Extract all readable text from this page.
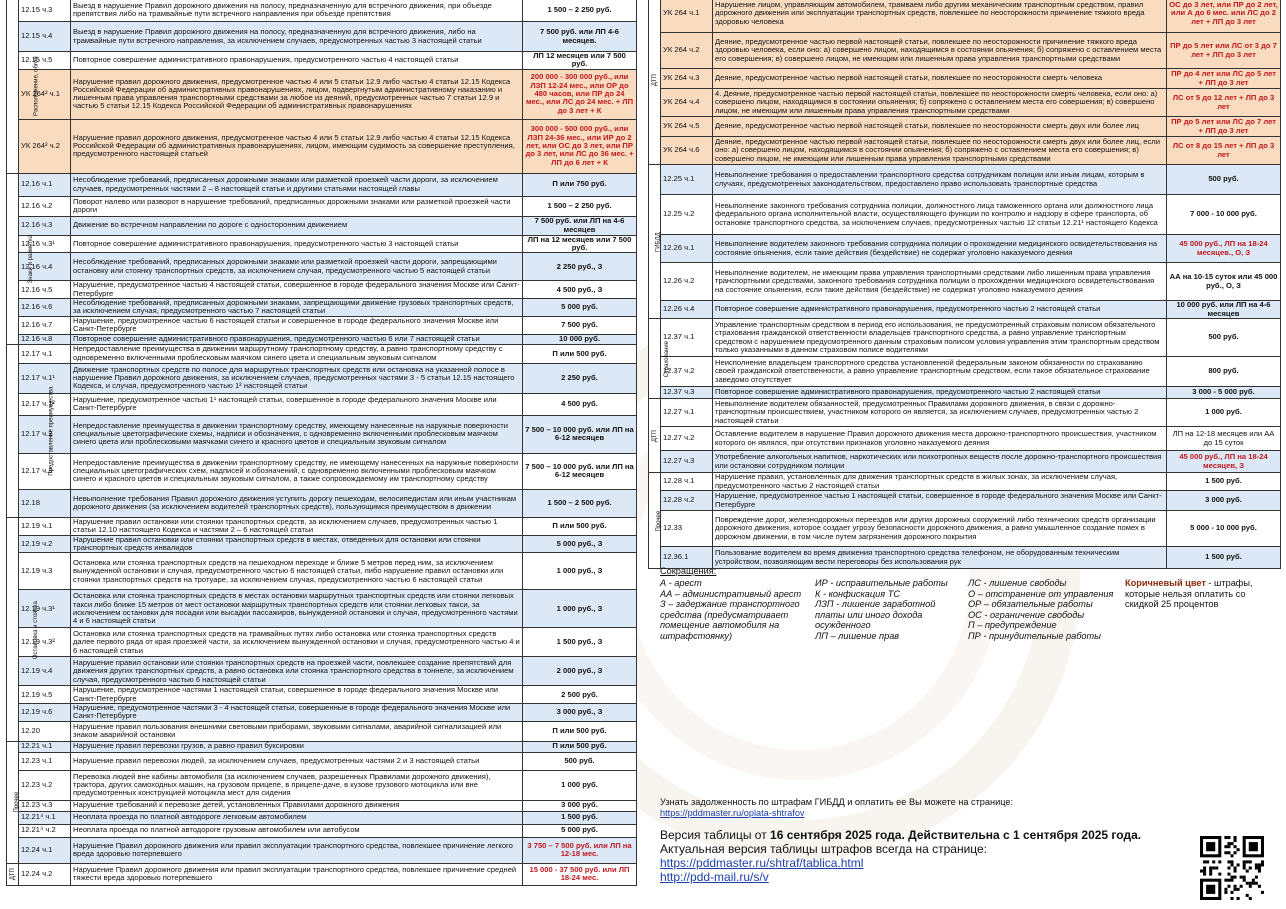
Расположение, обгон	12.15 ч.3	Выезд в нарушение Правил дорожного движения на полосу, предназначенную для встречного движения, при объезде препятствия либо на трамвайные пути встречного направления при объезде препятствия	1 500 – 2 250 руб.
	12.15 ч.4	Выезд в нарушение Правил дорожного движения на полосу, предназначенную для встречного движения, либо на трамвайные пути встречного направления, за исключением случаев, предусмотренных частью 3 настоящей статьи	7 500 руб. или ЛП 4-6 месяцев.
	12.15 ч.5	Повторное совершение административного правонарушения, предусмотренного частью 4 настоящей статьи	ЛП 12 месяцев или 7 500 руб.
	УК 264² ч.1	Нарушение правил дорожного движения, предусмотренное частью 4 или 5 статьи 12.9 либо частью 4 статьи 12.15 Кодекса Российской Федерации об административных правонарушениях, лицом, подвергнутым административному наказанию и лишенным права управления транспортными средствами за любое из деяний, предусмотренных частью 7 статьи 12.9 и частью 5 статьи 12.15 Кодекса Российской Федерации об административных правонарушениях	200 000 - 300 000 руб., или ЛЗП 12-24 мес., или ОР до 480 часов, или ПР до 24 мес., или ЛС до 24 мес. + ЛП до 3 лет + К
	УК 264² ч.2	Нарушение правил дорожного движения, предусмотренное частью 4 или 5 статьи 12.9 либо частью 4 статьи 12.15 Кодекса Российской Федерации об административных правонарушениях, лицом, имеющим судимость за совершение преступления, предусмотренного настоящей статьей	300 000 - 500 000 руб., или ЛЗП 24-36 мес., или ИР до 2 лет, или ОС до 3 лет, или ПР до 3 лет, или ЛС до 36 мес. + ЛП до 6 лет + К
Знаки и разметка	12.16 ч.1	Несоблюдение требований, предписанных дорожными знаками или разметкой проезжей части дороги, за исключением случаев, предусмотренных частями 2 – 8 настоящей статьи и другими статьями настоящей главы	П или 750 руб.
	12.16 ч.2	Поворот налево или разворот в нарушение требований, предписанных дорожными знаками или разметкой проезжей части дороги	1 500 – 2 250 руб.
	12.16 ч.3	Движение во встречном направлении по дороге с односторонним движением	7 500 руб. или ЛП на 4-6 месяцев
	12.16 ч.3¹	Повторное совершение административного правонарушения, предусмотренного частью 3 настоящей статьи	ЛП на 12 месяцев или 7 500 руб.
	12.16 ч.4	Несоблюдение требований, предписанных дорожными знаками или разметкой проезжей части дороги, запрещающими остановку или стоянку транспортных средств, за исключением случая, предусмотренного частью 5 настоящей статьи	2 250 руб., З
	12.16 ч.5	Нарушение, предусмотренное частью 4 настоящей статьи, совершенное в городе федерального значения Москве или Санкт-Петербурге	4 500 руб., З
	12.16 ч.6	Несоблюдение требований, предписанных дорожными знаками, запрещающими движение грузовых транспортных средств, за исключением случая, предусмотренного частью 7 настоящей статьи	5 000 руб.
	12.16 ч.7	Нарушение, предусмотренное частью 6 настоящей статьи и совершенное в городе федерального значения Москве или Санкт-Петербурге	7 500 руб.
	12.16 ч.8	Повторное совершение административного правонарушения, предусмотренного частью 6 или 7 настоящей статьи	10 000 руб.
Предоставление преимущества	12.17 ч.1	Непредоставление преимущества в движении маршрутному транспортному средству, а равно транспортному средству с одновременно включенными проблесковым маячком синего цвета и специальным звуковым сигналом	П или 500 руб.
	12.17 ч.1¹	Движение транспортных средств по полосе для маршрутных транспортных средств или остановка на указанной полосе в нарушение Правил дорожного движения, за исключением случаев, предусмотренных частями 3 - 5 статьи 12.15 настоящего Кодекса, и случая, предусмотренного частью 1² настоящей статьи	2 250 руб.
	12.17 ч.1²	Нарушение, предусмотренное частью 1¹ настоящей статьи, совершенное в городе федерального значения Москве или Санкт-Петербурге	4 500 руб.
	12.17 ч.2	Непредоставление преимущества в движении транспортному средству, имеющему нанесенные на наружные поверхности специальные цветографические схемы, надписи и обозначения, с одновременно включенными проблесковым маячком синего цвета или проблесковыми маячками синего и красного цветов и специальным звуковым сигналом	7 500 – 10 000 руб. или ЛП на 6-12 месяцев
	12.17 ч.3	Непредоставление преимущества в движении транспортному средству, не имеющему нанесенных на наружные поверхности специальных цветографических схем, надписей и обозначений, с одновременно включенными проблесковым маячком синего и красного цветов и специальным звуковым сигналом, а также сопровождаемому им транспортному средству	7 500 – 10 000 руб. или ЛП на 6-12 месяцев
	12.18	Невыполнение требования Правил дорожного движения уступить дорогу пешеходам, велосипедистам или иным участникам дорожного движения (за исключением водителей транспортных средств), пользующимся преимуществом в движении	1 500 – 2 500 руб.
Остановка и стоянка	12.19 ч.1	Нарушение правил остановки или стоянки транспортных средств, за исключением случаев, предусмотренных частью 1 статьи 12.10 настоящего Кодекса и частями 2 – 6 настоящей статьи	П или 500 руб.
	12.19 ч.2	Нарушение правил остановки или стоянки транспортных средств в местах, отведенных для остановки или стоянки транспортных средств инвалидов	5 000 руб., З
	12.19 ч.3	Остановка или стоянка транспортных средств на пешеходном переходе и ближе 5 метров перед ним, за исключением вынужденной остановки и случая, предусмотренного частью 6 настоящей статьи, либо нарушение правил остановки или стоянки транспортных средств на тротуаре, за исключением случая, предусмотренного частью 6 настоящей статьи	1 000 руб., З
	12.19 ч.3¹	Остановка или стоянка транспортных средств в местах остановки маршрутных транспортных средств или стоянки легковых такси либо ближе 15 метров от мест остановки маршрутных транспортных средств или стоянки легковых такси, за исключением остановки для посадки или высадки пассажиров, вынужденной остановки и случая, предусмотренного частями 4 и 6 настоящей статьи	1 000 руб., З
	12.19 ч.3²	Остановка или стоянка транспортных средств на трамвайных путях либо остановка или стоянка транспортных средств далее первого ряда от края проезжей части, за исключением вынужденной остановки и случая, предусмотренного частью 4 и 6 настоящей статьи	1 500 руб., З
	12.19 ч.4	Нарушение правил остановки или стоянки транспортных средств на проезжей части, повлекшее создание препятствий для движения других транспортных средств, а равно остановка или стоянка транспортного средства в тоннеле, за исключением случая, предусмотренного частью 6 настоящей статьи	2 000 руб., З
	12.19 ч.5	Нарушение, предусмотренное частями 1 настоящей статьи, совершенное в городе федерального значения Москве или Санкт-Петербурге	2 500 руб.
	12.19 ч.6	Нарушение, предусмотренное частями 3 - 4 настоящей статьи, совершенные в городе федерального значения Москве или Санкт-Петербурге	3 000 руб., З
	12.20	Нарушение правил пользования внешними световыми приборами, звуковыми сигналами, аварийной сигнализацией или знаком аварийной остановки	П или 500 руб.
Прочее	12.21 ч.1	Нарушение правил перевозки грузов, а равно правил буксировки	П или 500 руб.
	12.23 ч.1	Нарушение правил перевозки людей, за исключением случаев, предусмотренных частями 2 и 3 настоящей статьи	500 руб.
	12.23 ч.2	Перевозка людей вне кабины автомобиля (за исключением случаев, разрешенных Правилами дорожного движения), трактора, других самоходных машин, на грузовом прицепе, в прицепе-даче, в кузове грузового мотоцикла или вне предусмотренных конструкцией мотоцикла мест для сидения	1 000 руб.
	12.23 ч.3	Нарушение требований к перевозке детей, установленных Правилами дорожного движения	3 000 руб.
	12.21⁴ ч.1	Неоплата проезда по платной автодороге легковым автомобилем	1 500 руб.
	12.21⁴ ч.2	Неоплата проезда по платной автодороге грузовым автомобилем или автобусом	5 000 руб.
	12.24 ч.1	Нарушение Правил дорожного движения или правил эксплуатации транспортного средства, повлекшее причинение легкого вреда здоровью потерпевшего	3 750 – 7 500 руб. или ЛП на 12-18 мес.
ДТП	12.24 ч.2	Нарушение Правил дорожного движения или правил эксплуатации транспортного средства, повлекшее причинение средней тяжести вреда здоровью потерпевшего	15 000 - 37 500 руб. или ЛП 18-24 мес.
ДТП	УК 264 ч.1	Нарушение лицом, управляющим автомобилем, трамваем либо другим механическим транспортным средством, правил дорожного движения или эксплуатации транспортных средств, повлекшее по неосторожности причинение тяжкого вреда здоровью человека	ОС до 3 лет, или ПР до 2 лет, или А до 6 мес. или ЛС до 2 лет + ЛП до 3 лет
	УК 264 ч.2	Деяние, предусмотренное частью первой настоящей статьи, повлекшее по неосторожности причинение тяжкого вреда здоровью человека, если оно: а) совершено лицом, находящимся в состоянии опьянения; б) сопряжено с оставлением места его совершения; в) совершено лицом, не имеющим или лишенным права управления транспортными средствами	ПР до 5 лет или ЛС от 3 до 7 лет + ЛП до 3 лет
	УК 264 ч.3	Деяние, предусмотренное частью первой настоящей статьи, повлекшее по неосторожности смерть человека	ПР до 4 лет или ЛС до 5 лет + ЛП до 3 лет
	УК 264 ч.4	4. Деяние, предусмотренное частью первой настоящей статьи, повлекшее по неосторожности смерть человека, если оно: а) совершено лицом, находящимся в состоянии опьянения; б) сопряжено с оставлением места его совершения; в) совершено лицом, не имеющим или лишенным права управления транспортными средствами	ЛС от 5 до 12 лет + ЛП до 3 лет
	УК 264 ч.5	Деяние, предусмотренное частью первой настоящей статьи, повлекшее по неосторожности смерть двух или более лиц	ПР до 5 лет или ЛС до 7 лет + ЛП до 3 лет
	УК 264 ч.6	Деяние, предусмотренное частью первой настоящей статьи, повлекшее по неосторожности смерть двух или более лиц, если оно: а) совершено лицом, находящимся в состоянии опьянения; б) сопряжено с оставлением места его совершения; в) совершено лицом, не имеющим или лишенным права управления транспортными средствами	ЛС от 8 до 15 лет + ЛП до 3 лет
ГИБДД	12.25 ч.1	Невыполнение требования о предоставлении транспортного средства сотрудникам полиции или иным лицам, которым в случаях, предусмотренных законодательством, предоставлено право использовать транспортные средства	500 руб.
	12.25 ч.2	Невыполнение законного требования сотрудника полиции, должностного лица таможенного органа или должностного лица федерального органа исполнительной власти, осуществляющего функции по контролю и надзору в сфере транспорта, об остановке транспортного средства, за исключением случаев, предусмотренных частью 12 статьи 12.21¹ настоящего Кодекса	7 000 - 10 000 руб.
	12.26 ч.1	Невыполнение водителем законного требования сотрудника полиции о прохождении медицинского освидетельствования на состояние опьянения, если такие действия (бездействие) не содержат уголовно наказуемого деяния	45 000 руб., ЛП на 18-24 месяцев., О, З
	12.26 ч.2	Невыполнение водителем, не имеющим права управления транспортными средствами либо лишенным права управления транспортными средствами, законного требования сотрудника полиции о прохождении медицинского освидетельствования на состояние опьянения, если такие действия (бездействие) не содержат уголовно наказуемого деяния	АА на 10-15 суток или 45 000 руб., О, З
	12.26 ч.4	Повторное совершение административного правонарушения, предусмотренного частью 2 настоящей статьи	10 000 руб. или ЛП на 4-6 месяцев
Страхование	12.37 ч.1	Управление транспортным средством в период его использования, не предусмотренный страховым полисом обязательного страхования гражданской ответственности владельцев транспортного средства, а равно управление транспортным средством с нарушением предусмотренного данным страховым полисом условия управления этим транспортным средством только указанными в данном страховом полисе водителями	500 руб.
	12.37 ч.2	Неисполнение владельцем транспортного средства установленной федеральным законом обязанности по страхованию своей гражданской ответственности, а равно управление транспортным средством, если такое обязательное страхование заведомо отсутствует	800 руб.
	12.37 ч.3	Повторное совершение административного правонарушения, предусмотренного частью 2 настоящей статьи	3 000 - 5 000 руб.
ДТП	12.27 ч.1	Невыполнение водителем обязанностей, предусмотренных Правилами дорожного движения, в связи с дорожно-транспортным происшествием, участником которого он является, за исключением случаев, предусмотренных частью 2 настоящей статьи	1 000 руб.
	12.27 ч.2	Оставление водителем в нарушение Правил дорожного движения места дорожно-транспортного происшествия, участником которого он являлся, при отсутствии признаков уголовно наказуемого деяния	ЛП на 12-18 месяцев или АА до 15 суток
	12.27 ч.3	Употребление алкогольных напитков, наркотических или психотропных веществ после дорожно-транспортного происшествия или остановки сотрудником полиции	45 000 руб., ЛП на 18-24 месяцев, З
Прочее	12.28 ч.1	Нарушение правил, установленных для движения транспортных средств в жилых зонах, за исключением случая, предусмотренного частью 2 настоящей статьи	1 500 руб.
	12.28 ч.2	Нарушение, предусмотренное частью 1 настоящей статьи, совершенное в городе федерального значения Москве или Санкт-Петербурге	3 000 руб.
	12.33	Повреждение дорог, железнодорожных переездов или других дорожных сооружений либо технических средств организации дорожного движения, которое создает угрозу безопасности дорожного движения, а равно умышленное создание помех в дорожном движении, в том числе путем загрязнения дорожного покрытия	5 000 - 10 000 руб.
	12.36.1	Пользование водителем во время движения транспортного средства телефоном, не оборудованным техническим устройством, позволяющим вести переговоры без использования рук	1 500 руб.
Сокращения:
А - арест
АА – административный арест
З – задержание транспортного средства (предусматривает помещение автомобиля на штрафстоянку)
ИР - исправительные работы
К - конфискация ТС
ЛЗП - лишение заработной платы или иного дохода осужденного
ЛП – лишение прав
ЛС - лишение свободы
О – отстранение от управления
ОР – обязательные работы
ОС - ограничение свободы
П – предупреждение
ПР - принудительные работы
Коричневый цвет - штрафы, которые нельзя оплатить со скидкой 25 процентов
Узнать задолженность по штрафам ГИБДД и оплатить ее Вы можете на странице:
https://pddmaster.ru/oplata-shtrafov
Версия таблицы от 16 сентября 2025 года. Действительна с 1 сентября 2025 года.
Актуальная версия таблицы штрафов всегда на странице:
https://pddmaster.ru/shtraf/tablica.html
http://pdd-mail.ru/s/v
